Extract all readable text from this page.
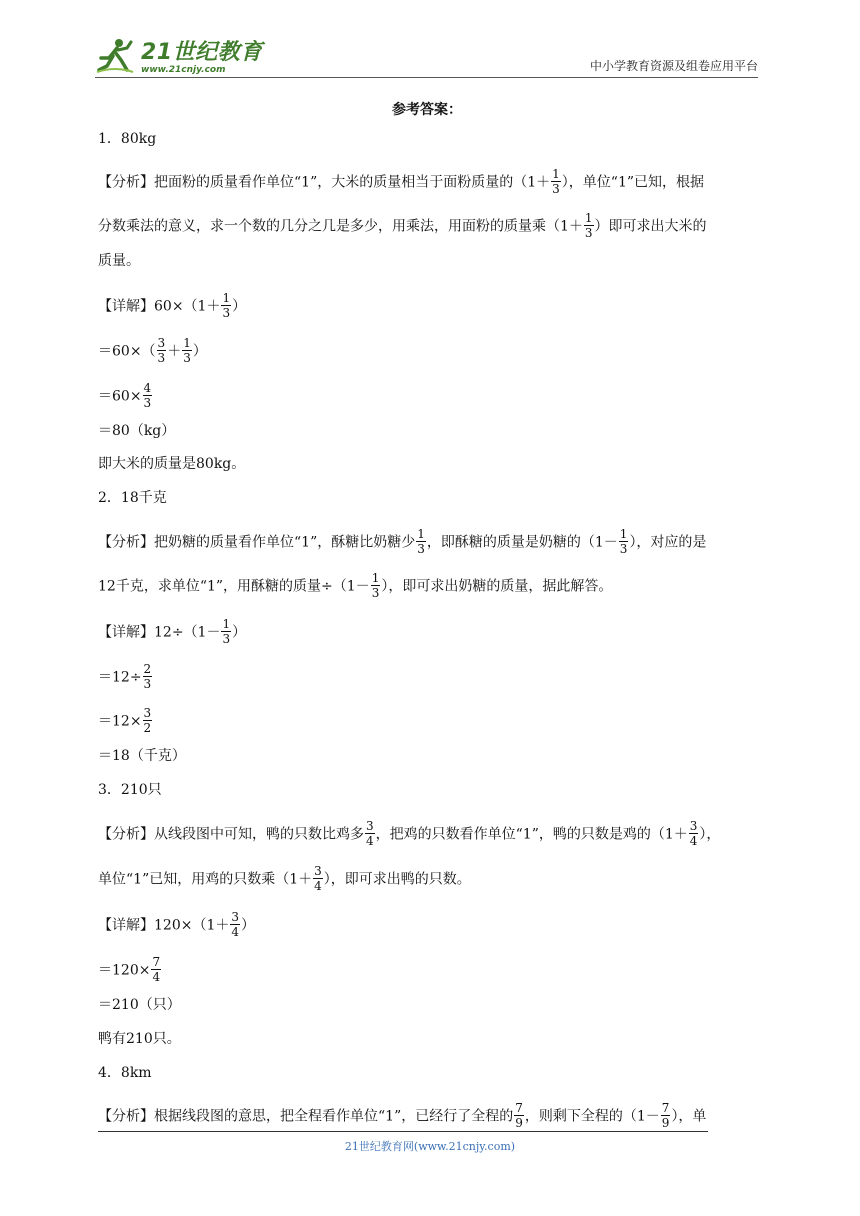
21世纪教育
www.21cnjy.com	中小学教育资源及组卷应用平台
参考答案：
1．80kg
【分析】把面粉的质量看作单位“1”，大米的质量相当于面粉质量的（$1+ \frac{1}{3}$ ），单位“1”已知，根据
分数乘法的意义，求一个数的几分之几是多少，用乘法，用面粉的质量乘（$1+ \frac{1}{3}$ ）即可求出大米的
质量。
【详解】$60\times(1+ \frac{1}{3}$ ）
$=60\times( \frac{3}{3} + \frac{1}{3}$ ）
$=60\times \frac{4}{3}$
＝80（kg）
即大米的质量是80kg。
2．18千克
【分析】把奶糖的质量看作单位“1”，酥糖比奶糖少 $\frac{1}{3}$ ，即酥糖的质量是奶糖的（$1- \frac{1}{3}$ ），对应的是
12千克，求单位“1”，用酥糖的质量$\div(1- \frac{1}{3}$ ），即可求出奶糖的质量，据此解答。
【详解】$12\div(1- \frac{1}{3}$ ）
$=12\div \frac{2}{3}$
$=12\times \frac{3}{2}$
＝18（千克）
3．210只
【分析】从线段图中可知，鸭的只数比鸡多 $\frac{3}{4}$ ，把鸡的只数看作单位“1”，鸭的只数是鸡的（$1+ \frac{3}{4}$ ），
单位“1”已知，用鸡的只数乘（$1+ \frac{3}{4}$ ），即可求出鸭的只数。
【详解】$120\times(1+ \frac{3}{4}$ ）
$=120\times \frac{7}{4}$
＝210（只）
鸭有210只。
4．8km
【分析】根据线段图的意思，把全程看作单位“1”，已经行了全程的 $\frac{7}{9}$ ，则剩下全程的（$1- \frac{7}{9}$ ），单
21世纪教育网(www.21cnjy.com)
